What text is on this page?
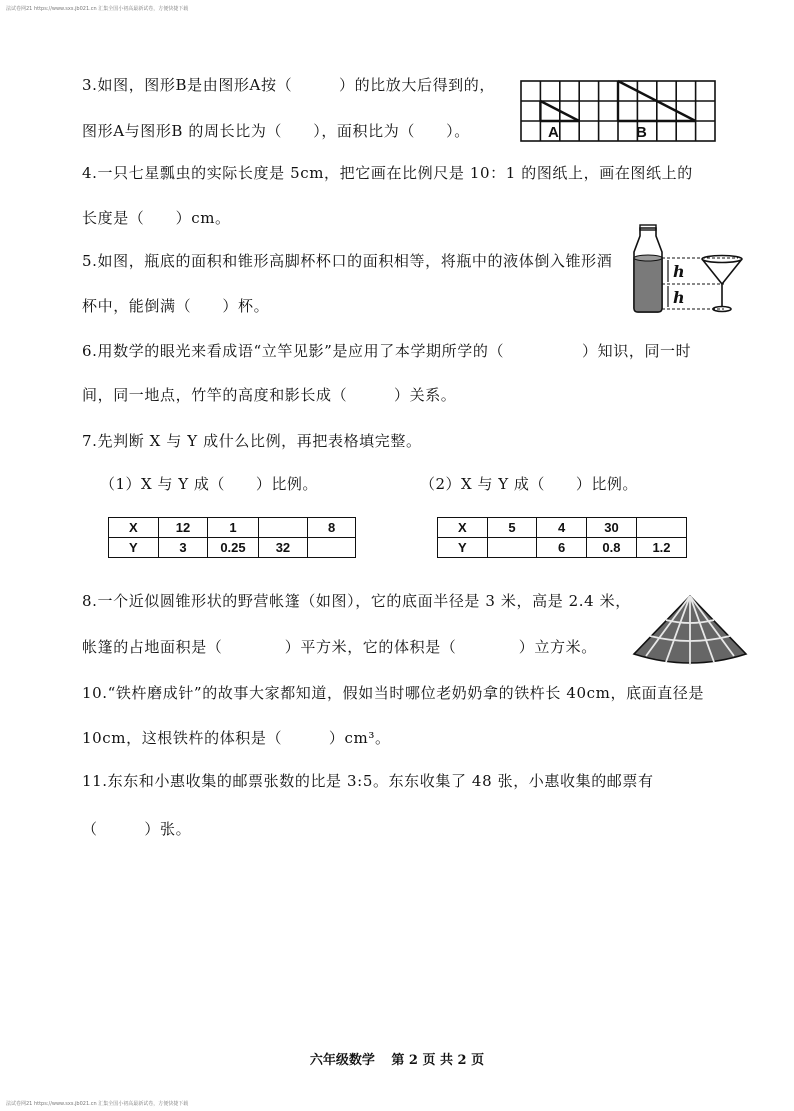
法试卷网21 https://www.sxs.jb021.cn 汇集全国小初高最新试卷，方便快捷下载
法试卷网21 https://www.sxs.jb021.cn 汇集全国小初高最新试卷，方便快捷下载
3.如图，图形B是由图形A按（　　　）的比放大后得到的，
图形A与图形B 的周长比为（　　），面积比为（　　）。	A	B
4.一只七星瓢虫的实际长度是 5cm，把它画在比例尺是 10：1 的图纸上，画在图纸上的
长度是（　　）cm。
5.如图，瓶底的面积和锥形高脚杯杯口的面积相等，将瓶中的液体倒入锥形酒
杯中，能倒满（　　）杯。
h
h
6.用数学的眼光来看成语“立竿见影”是应用了本学期所学的（　　　　　）知识，同一时
间，同一地点，竹竿的高度和影长成（　　　）关系。
7.先判断 X 与 Y 成什么比例，再把表格填完整。
（1）X 与 Y 成（　　）比例。	（2）X 与 Y 成（　　）比例。
X	12	1		8
Y	3	0.25	32	
X	5	4	30	
Y		6	0.8	1.2
8.一个近似圆锥形状的野营帐篷（如图），它的底面半径是 3 米，高是 2.4 米，
帐篷的占地面积是（　　　　）平方米，它的体积是（　　　　）立方米。
10.“铁杵磨成针”的故事大家都知道，假如当时哪位老奶奶拿的铁杵长 40cm，底面直径是
10cm，这根铁杵的体积是（　　　）cm³。
11.东东和小惠收集的邮票张数的比是 3:5。东东收集了 48 张，小惠收集的邮票有
（　　　）张。
六年级数学 第 2 页 共 2 页
